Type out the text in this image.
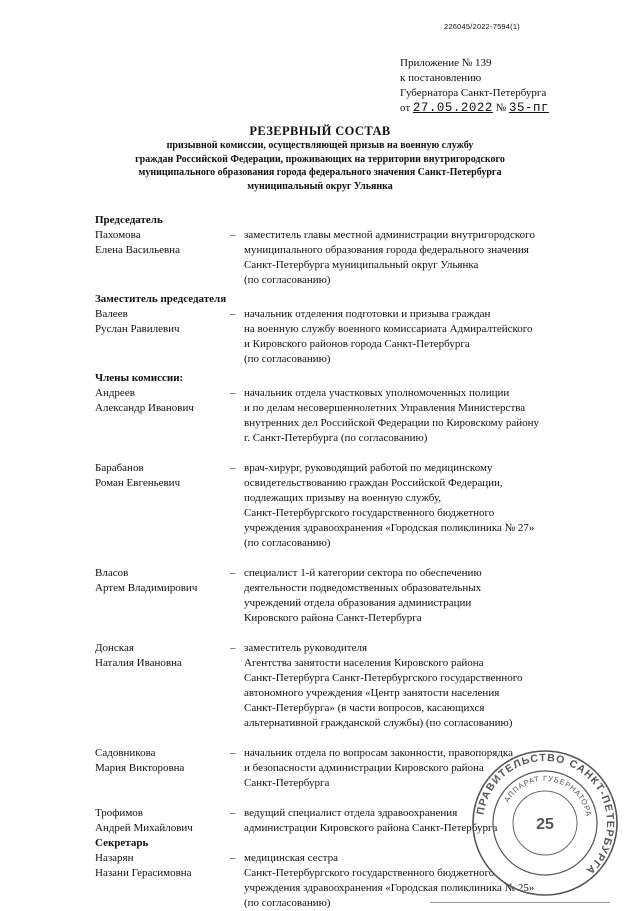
226045/2022-7594(1)
Приложение № 139
к постановлению
Губернатора Санкт-Петербурга
от 27.05.2022 № 35-пг
РЕЗЕРВНЫЙ СОСТАВ
призывной комиссии, осуществляющей призыв на военную службу
граждан Российской Федерации, проживающих на территории внутригородского
муниципального образования города федерального значения Санкт-Петербурга
муниципальный округ Ульянка
Председатель
Пахомова
Елена Васильевна
– заместитель главы местной администрации внутригородского
муниципального образования города федерального значения
Санкт-Петербурга муниципальный округ Ульянка
(по согласованию)
Заместитель председателя
Валеев
Руслан Равилевич
– начальник отделения подготовки и призыва граждан
на военную службу военного комиссариата Адмиралтейского
и Кировского районов города Санкт-Петербурга
(по согласованию)
Члены комиссии:
Андреев
Александр Иванович
– начальник отдела участковых уполномоченных полиции
и по делам несовершеннолетних Управления Министерства
внутренних дел Российской Федерации по Кировскому району
г. Санкт-Петербурга (по согласованию)
Барабанов
Роман Евгеньевич
– врач-хирург, руководящий работой по медицинскому
освидетельствованию граждан Российской Федерации,
подлежащих призыву на военную службу,
Санкт-Петербургского государственного бюджетного
учреждения здравоохранения «Городская поликлиника № 27»
(по согласованию)
Власов
Артем Владимирович
– специалист 1-й категории сектора по обеспечению
деятельности подведомственных образовательных
учреждений отдела образования администрации
Кировского района Санкт-Петербурга
Донская
Наталия Ивановна
– заместитель руководителя
Агентства занятости населения Кировского района
Санкт-Петербурга Санкт-Петербургского государственного
автономного учреждения «Центр занятости населения
Санкт-Петербурга» (в части вопросов, касающихся
альтернативной гражданской службы) (по согласованию)
Садовникова
Мария Викторовна
– начальник отдела по вопросам законности, правопорядка
и безопасности администрации Кировского района
Санкт-Петербурга
Трофимов
Андрей Михайлович
– ведущий специалист отдела здравоохранения
администрации Кировского района Санкт-Петербурга
Секретарь
Назарян
Назани Герасимовна
– медицинская сестра
Санкт-Петербургского государственного бюджетного
учреждения здравоохранения «Городская поликлиника № 25»
(по согласованию)
ПРАВИТЕЛЬСТВО САНКТ-ПЕТЕРБУРГА
АППАРАТ ГУБЕРНАТОРА
25
